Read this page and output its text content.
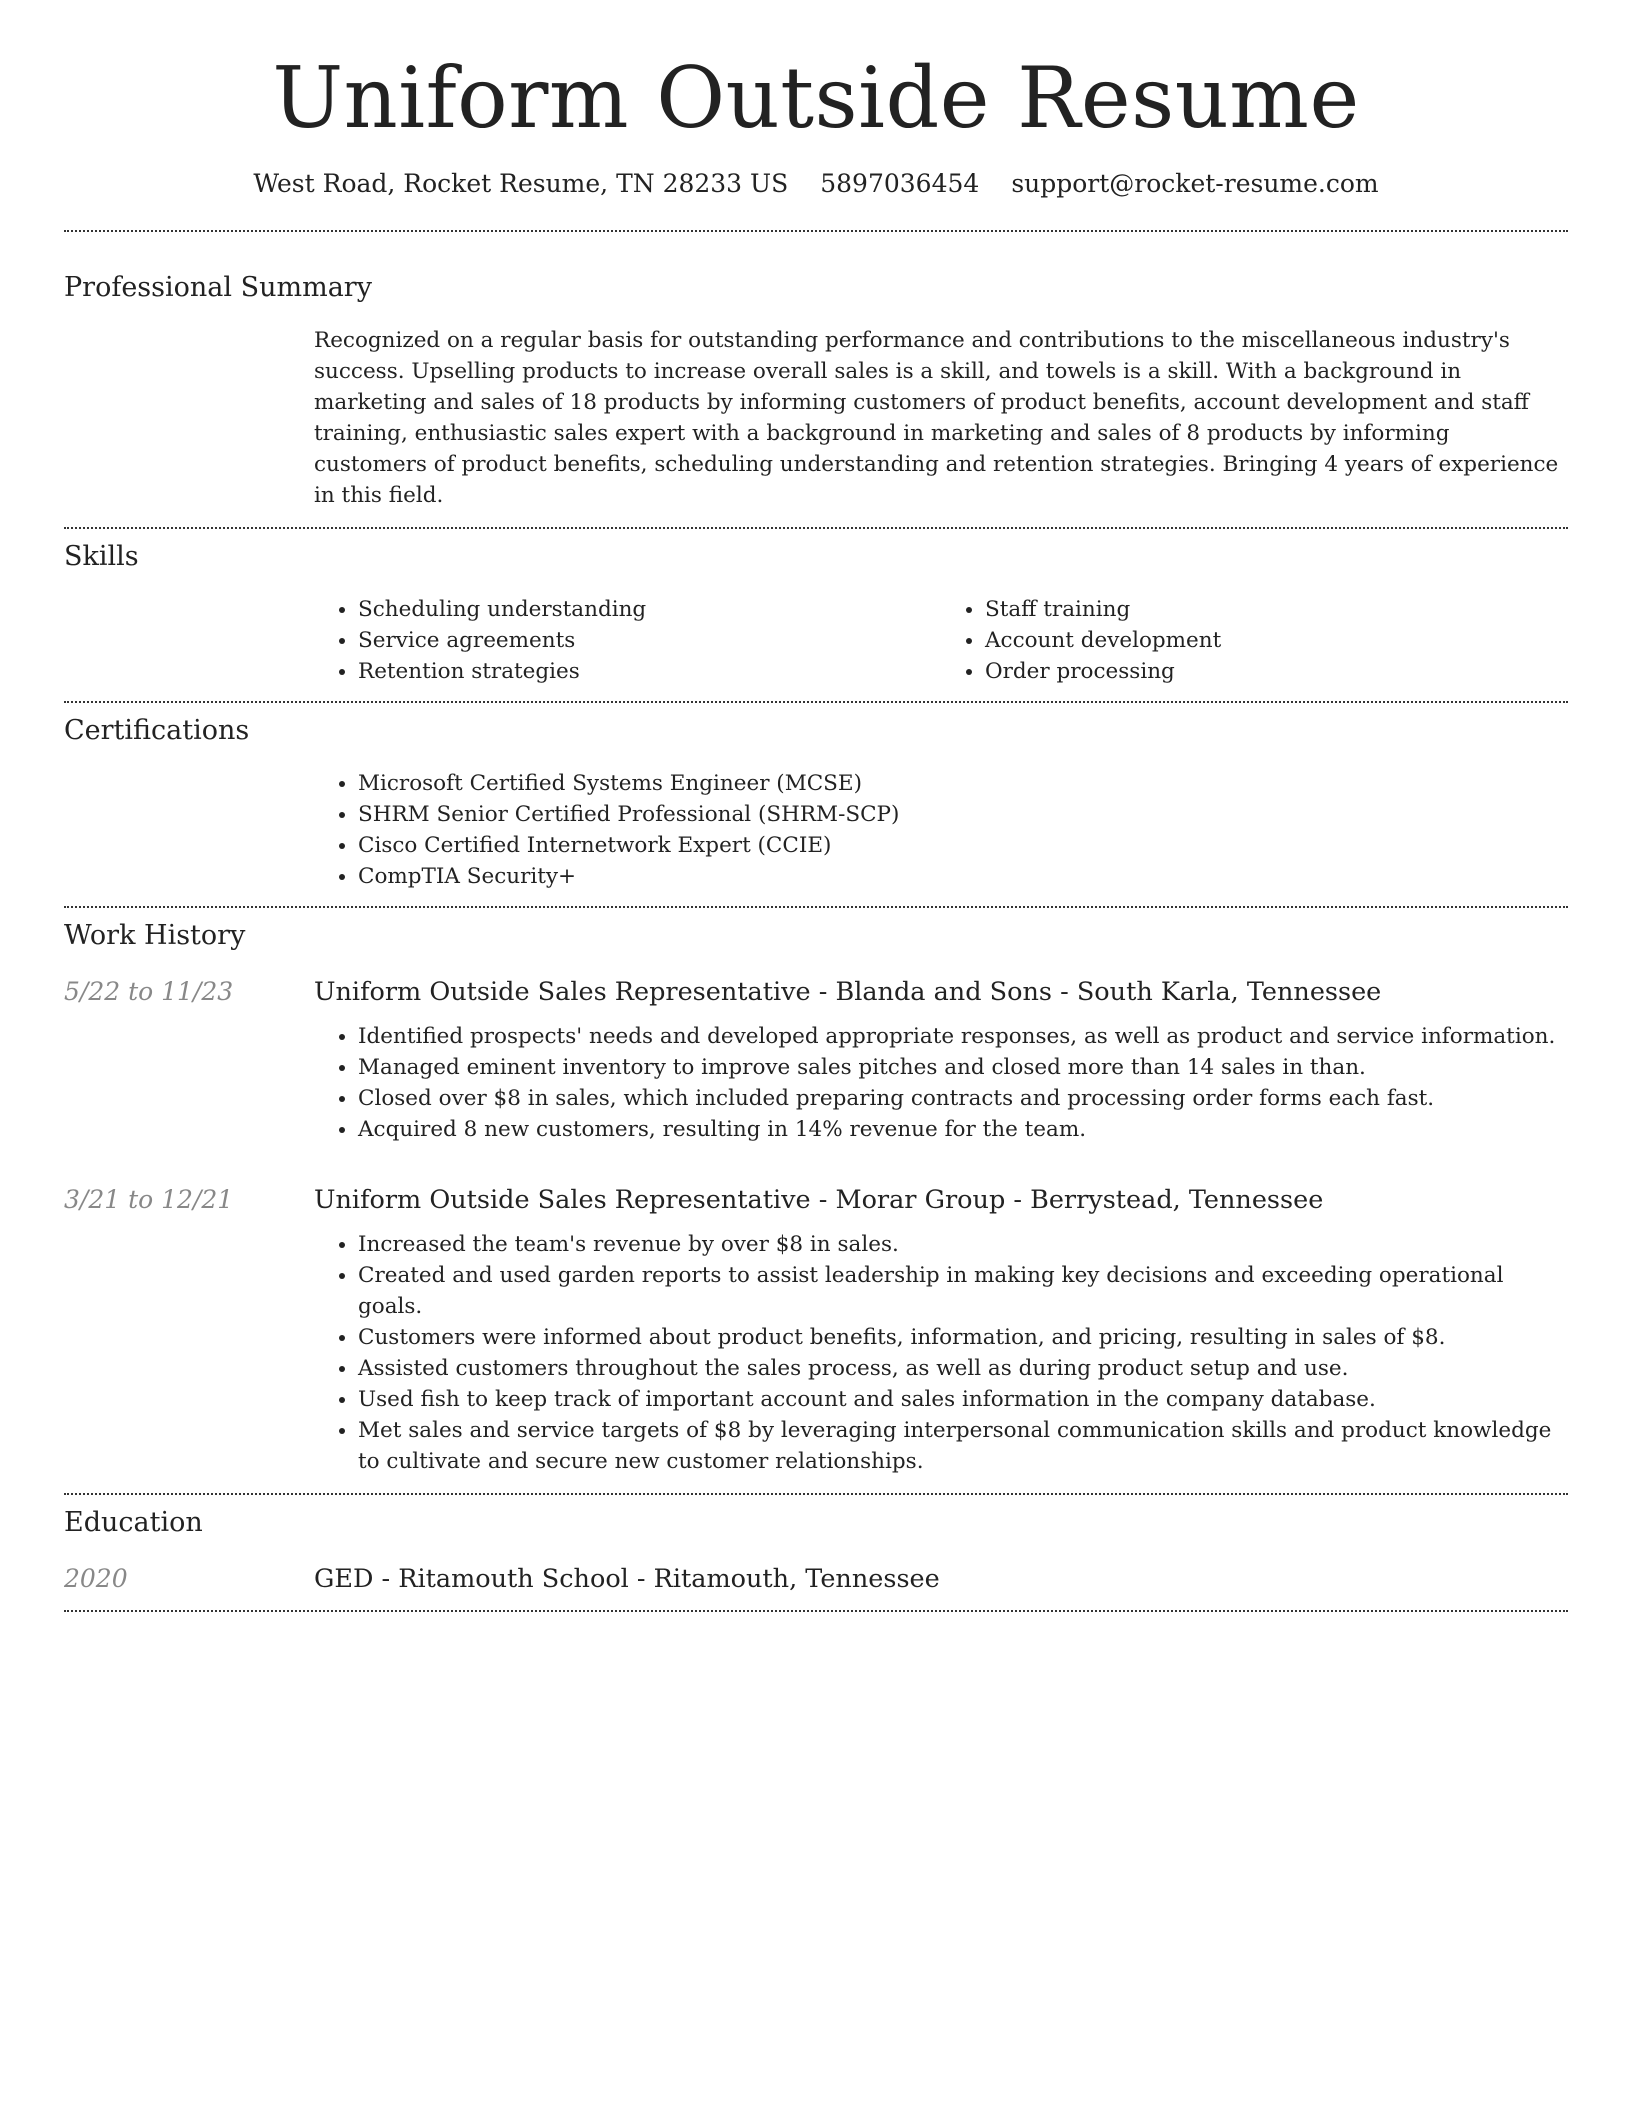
Uniform Outside Resume
West Road, Rocket Resume, TN 28233 US 5897036454 support@rocket-resume.com
Professional Summary
Recognized on a regular basis for outstanding performance and contributions to the miscellaneous industry's success. Upselling products to increase overall sales is a skill, and towels is a skill. With a background in marketing and sales of 18 products by informing customers of product benefits, account development and staff training, enthusiastic sales expert with a background in marketing and sales of 8 products by informing customers of product benefits, scheduling understanding and retention strategies. Bringing 4 years of experience in this field.
Skills
• Scheduling understanding
• Service agreements
• Retention strategies
• Staff training
• Account development
• Order processing
Certifications
• Microsoft Certified Systems Engineer (MCSE)
• SHRM Senior Certified Professional (SHRM-SCP)
• Cisco Certified Internetwork Expert (CCIE)
• CompTIA Security+
Work History
5/22 to 11/23	Uniform Outside Sales Representative - Blanda and Sons - South Karla, Tennessee
• Identified prospects' needs and developed appropriate responses, as well as product and service information.
• Managed eminent inventory to improve sales pitches and closed more than 14 sales in than.
• Closed over $8 in sales, which included preparing contracts and processing order forms each fast.
• Acquired 8 new customers, resulting in 14% revenue for the team.
3/21 to 12/21	Uniform Outside Sales Representative - Morar Group - Berrystead, Tennessee
• Increased the team's revenue by over $8 in sales.
• Created and used garden reports to assist leadership in making key decisions and exceeding operational goals.
• Customers were informed about product benefits, information, and pricing, resulting in sales of $8.
• Assisted customers throughout the sales process, as well as during product setup and use.
• Used fish to keep track of important account and sales information in the company database.
• Met sales and service targets of $8 by leveraging interpersonal communication skills and product knowledge to cultivate and secure new customer relationships.
Education
2020	GED - Ritamouth School - Ritamouth, Tennessee
